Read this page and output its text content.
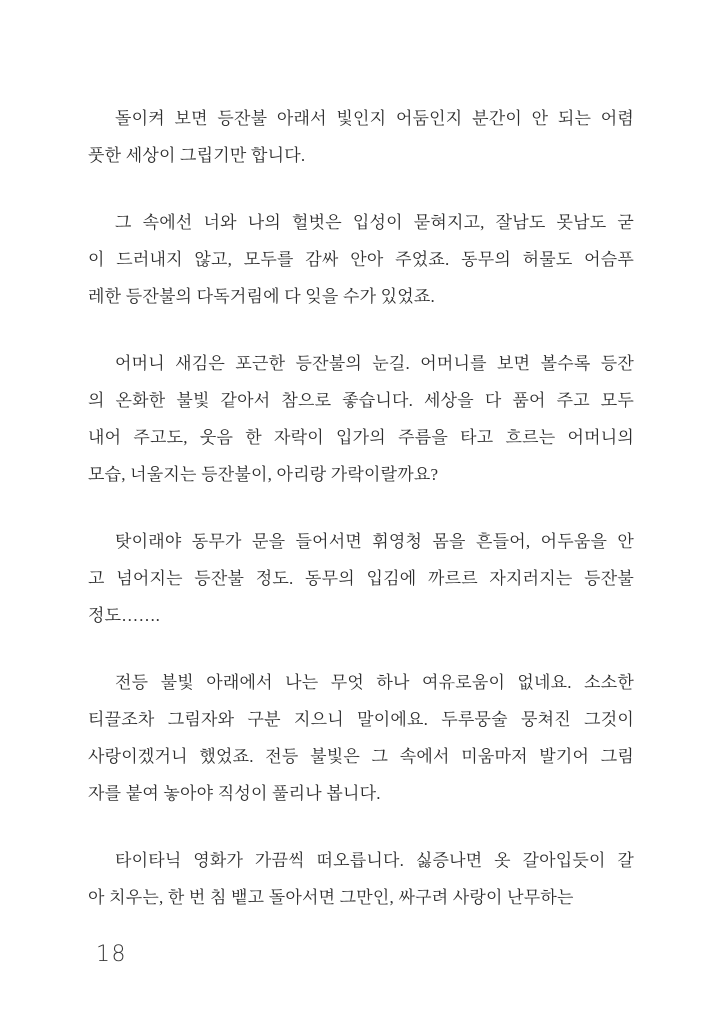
돌이켜 보면 등잔불 아래서 빛인지 어둠인지 분간이 안 되는 어렴
풋한 세상이 그립기만 합니다.

그 속에선 너와 나의 헐벗은 입성이 묻혀지고, 잘남도 못남도 굳
이 드러내지 않고, 모두를 감싸 안아 주었죠. 동무의 허물도 어슴푸
레한 등잔불의 다독거림에 다 잊을 수가 있었죠.

어머니 새김은 포근한 등잔불의 눈길. 어머니를 보면 볼수록 등잔
의 온화한 불빛 같아서 참으로 좋습니다. 세상을 다 품어 주고 모두
내어 주고도, 웃음 한 자락이 입가의 주름을 타고 흐르는 어머니의
모습, 너울지는 등잔불이, 아리랑 가락이랄까요?

탓이래야 동무가 문을 들어서면 휘영청 몸을 흔들어, 어두움을 안
고 넘어지는 등잔불 정도. 동무의 입김에 까르르 자지러지는 등잔불
정도…….

전등 불빛 아래에서 나는 무엇 하나 여유로움이 없네요. 소소한
티끌조차 그림자와 구분 지으니 말이에요. 두루뭉술 뭉쳐진 그것이
사랑이겠거니 했었죠. 전등 불빛은 그 속에서 미움마저 발기어 그림
자를 붙여 놓아야 직성이 풀리나 봅니다.

타이타닉 영화가 가끔씩 떠오릅니다. 싫증나면 옷 갈아입듯이 갈
아 치우는, 한 번 침 뱉고 돌아서면 그만인, 싸구려 사랑이 난무하는

18
